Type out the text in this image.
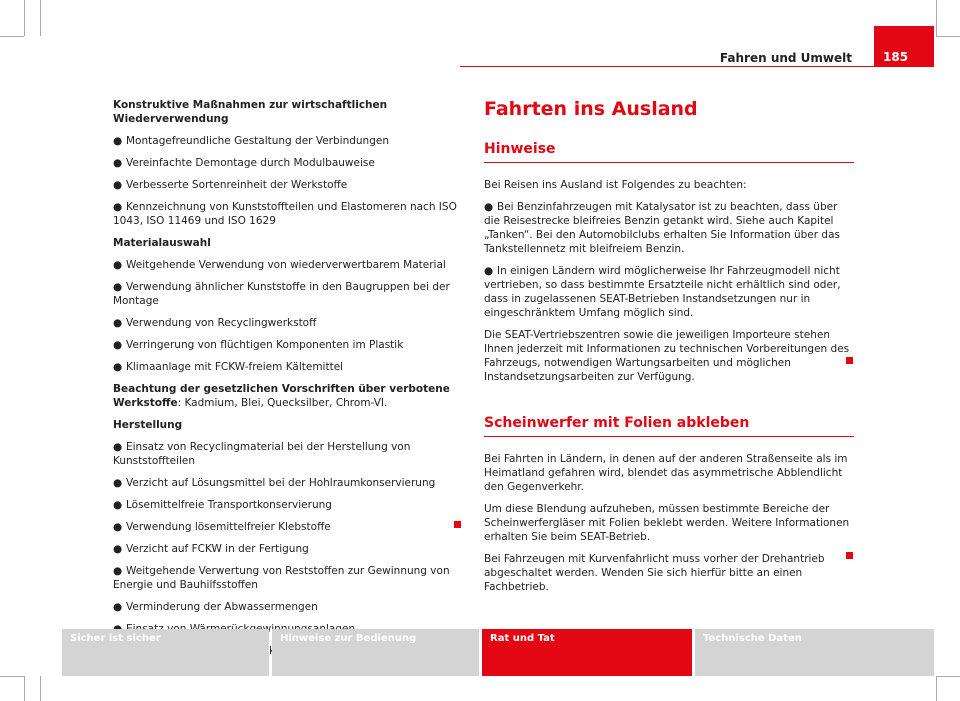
Fahren und Umwelt	185

Konstruktive Maßnahmen zur wirtschaftlichen Wiederverwendung

● Montagefreundliche Gestaltung der Verbindungen

● Vereinfachte Demontage durch Modulbauweise

● Verbesserte Sortenreinheit der Werkstoffe

● Kennzeichnung von Kunststoffteilen und Elastomeren nach ISO 1043, ISO 11469 und ISO 1629

Materialauswahl

● Weitgehende Verwendung von wiederverwertbarem Material

● Verwendung ähnlicher Kunststoffe in den Baugruppen bei der Montage

● Verwendung von Recyclingwerkstoff

● Verringerung von flüchtigen Komponenten im Plastik

● Klimaanlage mit FCKW-freiem Kältemittel

Beachtung der gesetzlichen Vorschriften über verbotene Werkstoffe: Kadmium, Blei, Quecksilber, Chrom-VI.

Herstellung

● Einsatz von Recyclingmaterial bei der Herstellung von Kunststoffteilen

● Verzicht auf Lösungsmittel bei der Hohlraumkonservierung

● Lösemittelfreie Transportkonservierung

● Verwendung lösemittelfreier Klebstoffe

● Verzicht auf FCKW in der Fertigung

● Weitgehende Verwertung von Reststoffen zur Gewinnung von Energie und Bauhilfsstoffen

● Verminderung der Abwassermengen

Fahrten ins Ausland
Hinweise

Bei Reisen ins Ausland ist Folgendes zu beachten:

● Bei Benzinfahrzeugen mit Katalysator ist zu beachten, dass über die Reisestrecke bleifreies Benzin getankt wird. Siehe auch Kapitel „Tanken“. Bei den Automobilclubs erhalten Sie Information über das Tankstellennetz mit bleifreiem Benzin.

● In einigen Ländern wird möglicherweise Ihr Fahrzeugmodell nicht vertrieben, so dass bestimmte Ersatzteile nicht erhältlich sind oder, dass in zugelassenen SEAT-Betrieben Instandsetzungen nur in eingeschränktem Umfang möglich sind.

Die SEAT-Vertriebszentren sowie die jeweiligen Importeure stehen Ihnen jederzeit mit Informationen zu technischen Vorbereitungen des Fahrzeugs, notwendigen Wartungsarbeiten und möglichen Instandsetzungsarbeiten zur Verfügung.

Scheinwerfer mit Folien abkleben

Bei Fahrten in Ländern, in denen auf der anderen Straßenseite als im Heimatland gefahren wird, blendet das asymmetrische Abblendlicht den Gegenverkehr.

Um diese Blendung aufzuheben, müssen bestimmte Bereiche der Scheinwerfergläser mit Folien beklebt werden. Weitere Informationen erhalten Sie beim SEAT-Betrieb.

Bei Fahrzeugen mit Kurvenfahrlicht muss vorher der Drehantrieb abgeschaltet werden. Wenden Sie sich hierfür bitte an einen Fachbetrieb.

Sicher ist sicher	Hinweise zur Bedienung	Rat und Tat	Technische Daten
